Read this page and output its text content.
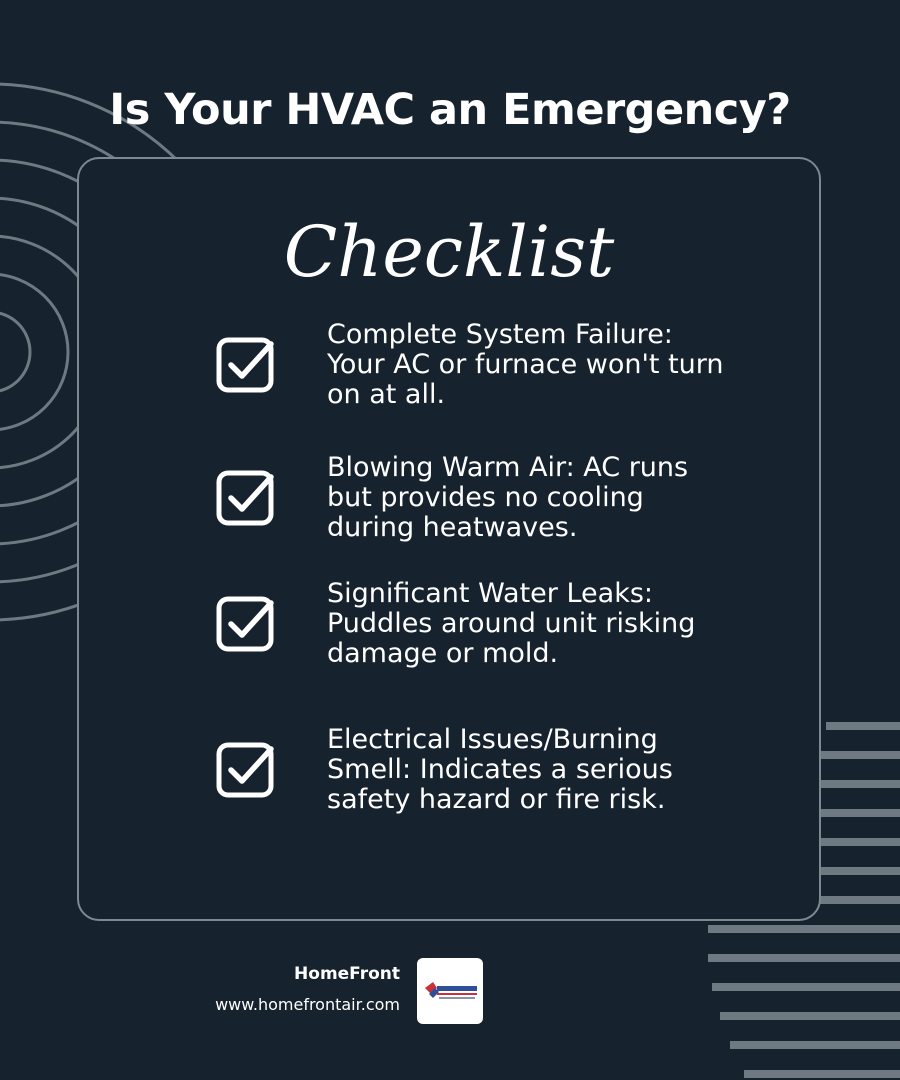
Is Your HVAC an Emergency?
Checklist
Complete System Failure: Your AC or furnace won't turn on at all.
Blowing Warm Air: AC runs but provides no cooling during heatwaves.
Significant Water Leaks: Puddles around unit risking damage or mold.
Electrical Issues/Burning Smell: Indicates a serious safety hazard or fire risk.
HomeFront
www.homefrontair.com
